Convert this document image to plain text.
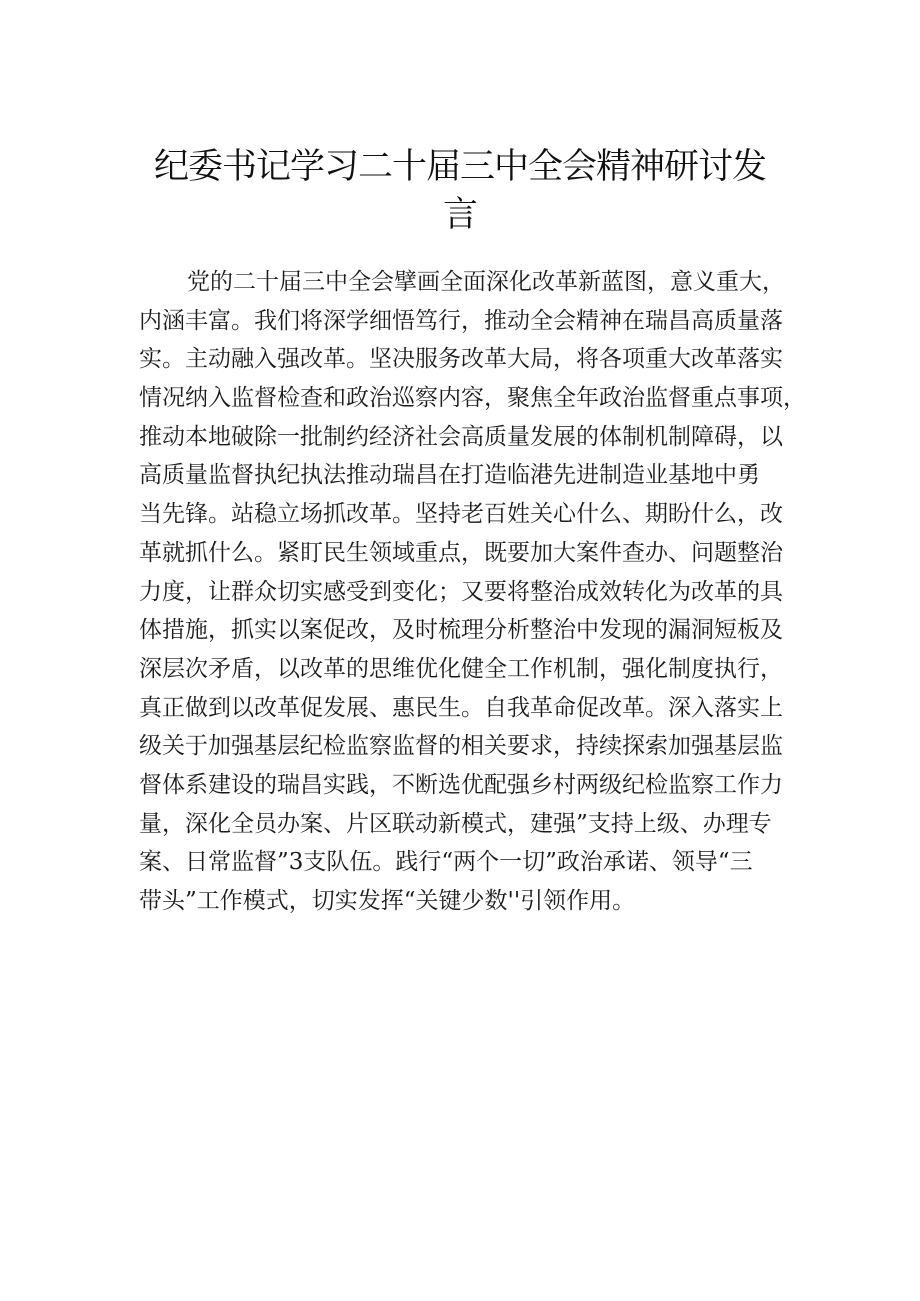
纪委书记学习二十届三中全会精神研讨发
言
党的二十届三中全会擘画全面深化改革新蓝图，意义重大，
内涵丰富。我们将深学细悟笃行，推动全会精神在瑞昌高质量落
实。主动融入强改革。坚决服务改革大局，将各项重大改革落实
情况纳入监督检查和政治巡察内容，聚焦全年政治监督重点事项，
推动本地破除一批制约经济社会高质量发展的体制机制障碍，以
高质量监督执纪执法推动瑞昌在打造临港先进制造业基地中勇
当先锋。站稳立场抓改革。坚持老百姓关心什么、期盼什么，改
革就抓什么。紧盯民生领域重点，既要加大案件查办、问题整治
力度，让群众切实感受到变化；又要将整治成效转化为改革的具
体措施，抓实以案促改，及时梳理分析整治中发现的漏洞短板及
深层次矛盾，以改革的思维优化健全工作机制，强化制度执行，
真正做到以改革促发展、惠民生。自我革命促改革。深入落实上
级关于加强基层纪检监察监督的相关要求，持续探索加强基层监
督体系建设的瑞昌实践，不断选优配强乡村两级纪检监察工作力
量，深化全员办案、片区联动新模式，建强”支持上级、办理专
案、日常监督”3支队伍。践行“两个一切”政治承诺、领导“三
带头”工作模式，切实发挥“关键少数''引领作用。
